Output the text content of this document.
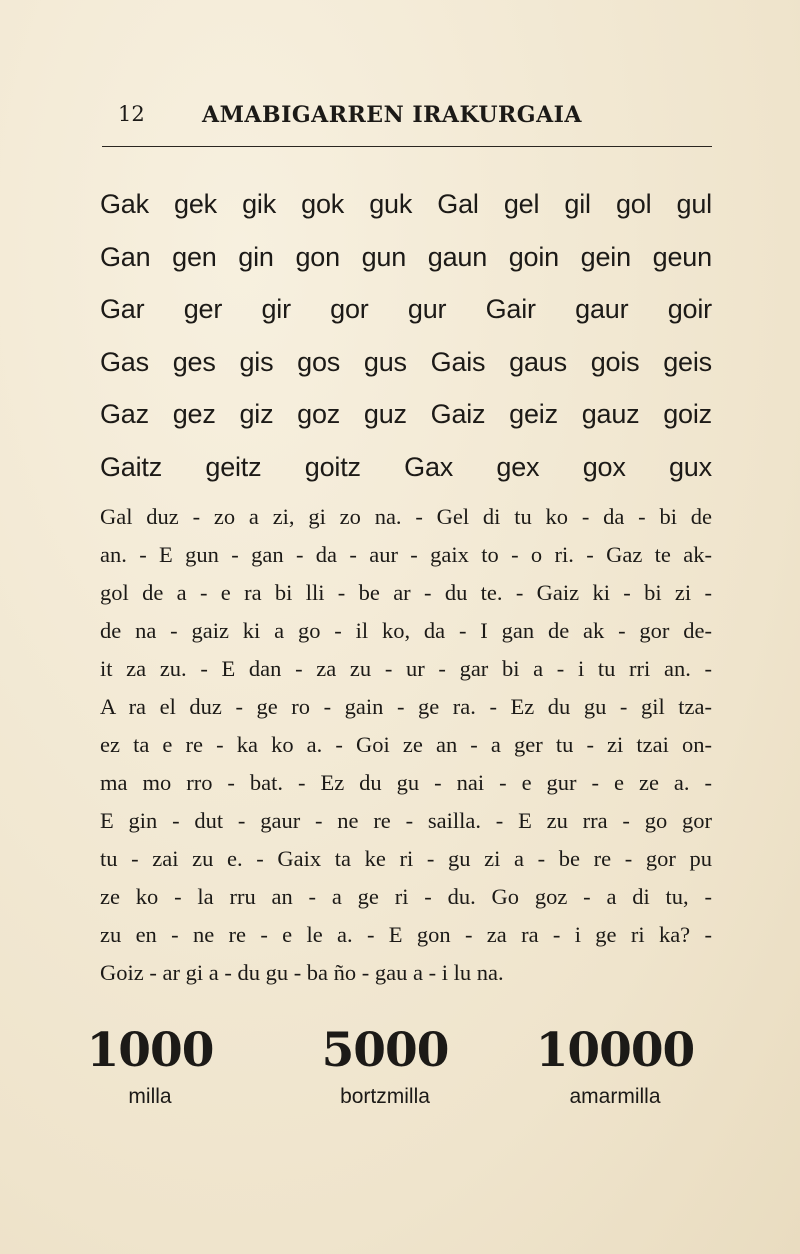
12	AMABIGARREN IRAKURGAIA
Gak gek gik gok guk Gal gel gil gol gul
Gan gen gin gon gun gaun goin gein geun
Gar ger gir gor gur Gair gaur goir
Gas ges gis gos gus Gais gaus gois geis
Gaz gez giz goz guz Gaiz geiz gauz goiz
Gaitz geitz goitz Gax gex gox gux
Gal duz - zo a zi, gi zo na. - Gel di tu ko - da - bi de
an. - E gun - gan - da - aur - gaix to - o ri. - Gaz te ak-
gol de a - e ra bi lli - be ar - du te. - Gaiz ki - bi zi -
de na - gaiz ki a go - il ko, da - I gan de ak - gor de-
it za zu. - E dan - za zu - ur - gar bi a - i tu rri an. -
A ra el duz - ge ro - gain - ge ra. - Ez du gu - gil tza-
ez ta e re - ka ko a. - Goi ze an - a ger tu - zi tzai on-
ma mo rro - bat. - Ez du gu - nai - e gur - e ze a. -
E gin - dut - gaur - ne re - sailla. - E zu rra - go gor
tu - zai zu e. - Gaix ta ke ri - gu zi a - be re - gor pu
ze ko - la rru an - a ge ri - du. Go goz - a di tu, -
zu en - ne re - e le a. - E gon - za ra - i ge ri ka? -
Goiz - ar gi a - du gu - ba ño - gau a - i lu na.
1000
milla
5000
bortzmilla
10000
amarmilla
